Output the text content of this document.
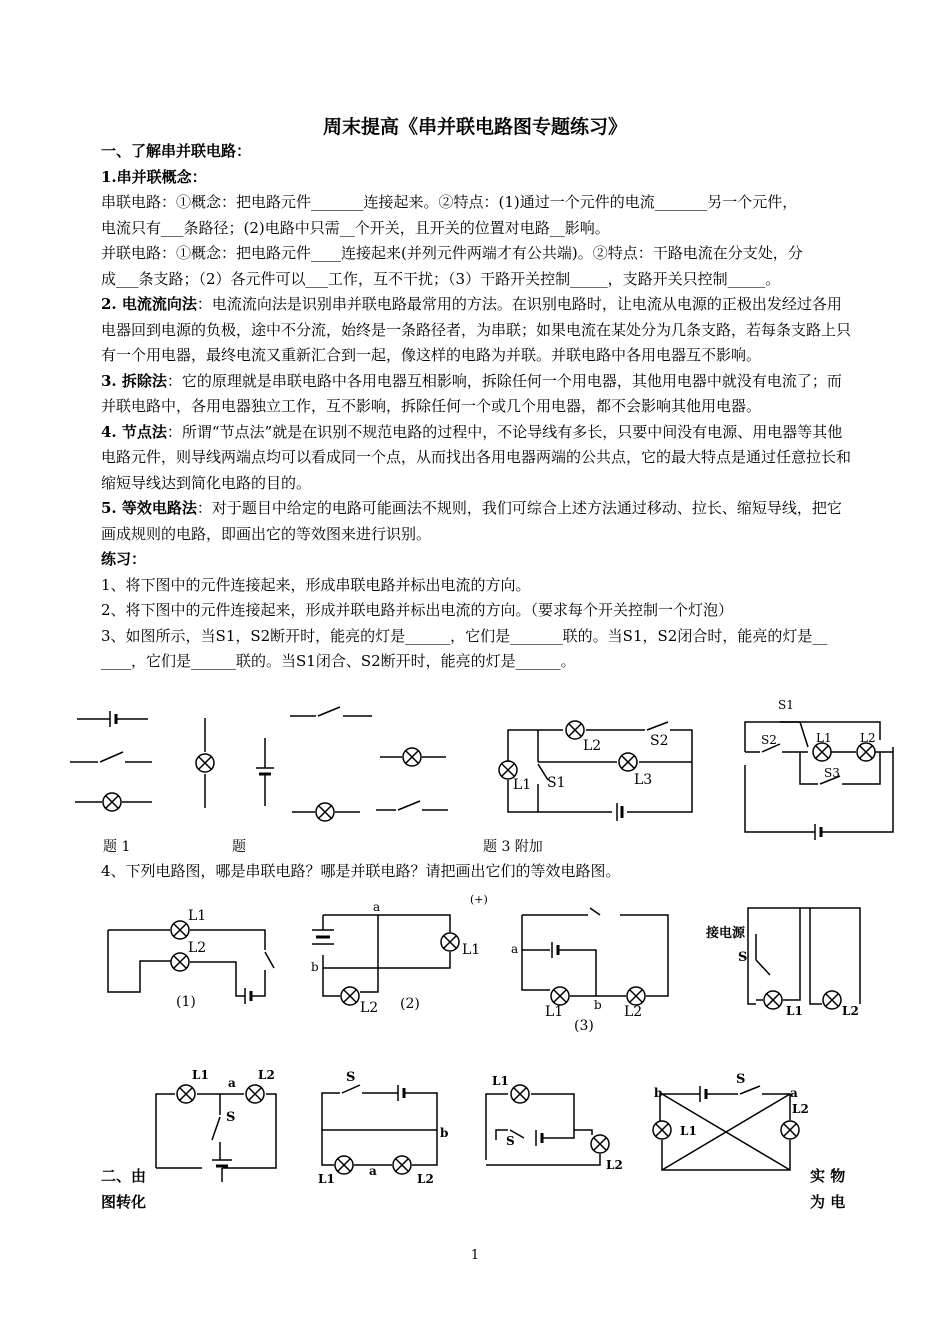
周末提高《串并联电路图专题练习》

一、了解串并联电路：

1.串并联概念：

串联电路：①概念：把电路元件_______连接起来。②特点：(1)通过一个元件的电流_______另一个元件，

电流只有___条路径；(2)电路中只需__个开关，且开关的位置对电路__影响。

并联电路：①概念：把电路元件____连接起来(并列元件两端才有公共端)。②特点：干路电流在分支处，分

成___条支路；（2）各元件可以___工作，互不干扰；（3）干路开关控制_____，支路开关只控制_____。

2. 电流流向法：电流流向法是识别串并联电路最常用的方法。在识别电路时，让电流从电源的正极出发经过各用电器回到电源的负极，途中不分流，始终是一条路径者，为串联；如果电流在某处分为几条支路，若每条支路上只有一个用电器，最终电流又重新汇合到一起，像这样的电路为并联。并联电路中各用电器互不影响。

3. 拆除法：它的原理就是串联电路中各用电器互相影响，拆除任何一个用电器，其他用电器中就没有电流了；而并联电路中，各用电器独立工作，互不影响，拆除任何一个或几个用电器，都不会影响其他用电器。

4. 节点法：所谓“节点法”就是在识别不规范电路的过程中，不论导线有多长，只要中间没有电源、用电器等其他电路元件，则导线两端点均可以看成同一个点，从而找出各用电器两端的公共点，它的最大特点是通过任意拉长和缩短导线达到简化电路的目的。

5. 等效电路法：对于题目中给定的电路可能画法不规则，我们可综合上述方法通过移动、拉长、缩短导线，把它画成规则的电路，即画出它的等效图来进行识别。

练习：

1、将下图中的元件连接起来，形成串联电路并标出电流的方向。

2、将下图中的元件连接起来，形成并联电路并标出电流的方向。（要求每个开关控制一个灯泡）

3、如图所示，当S1，S2断开时，能亮的灯是______，它们是_______联的。当S1，S2闭合时，能亮的灯是__

____，它们是______联的。当S1闭合、S2断开时，能亮的灯是______。

L2	S2
L1 S1	L3
S1
S2	L1 L2
S3
题 1	题	题 3 附加
4、下列电路图，哪是串联电路？哪是并联电路？请把画出它们的等效电路图。
L1
L2
(1)
a
L1
b
L2 (2)
(+)
a
b
L1	L2
(3)
接电源
S
L1	L2
L1
a
L2
S
S
b
L1
a
L2
L1
S
L2
b
S
a
L1
L2
二、由
图转化
实 物
为 电
1
